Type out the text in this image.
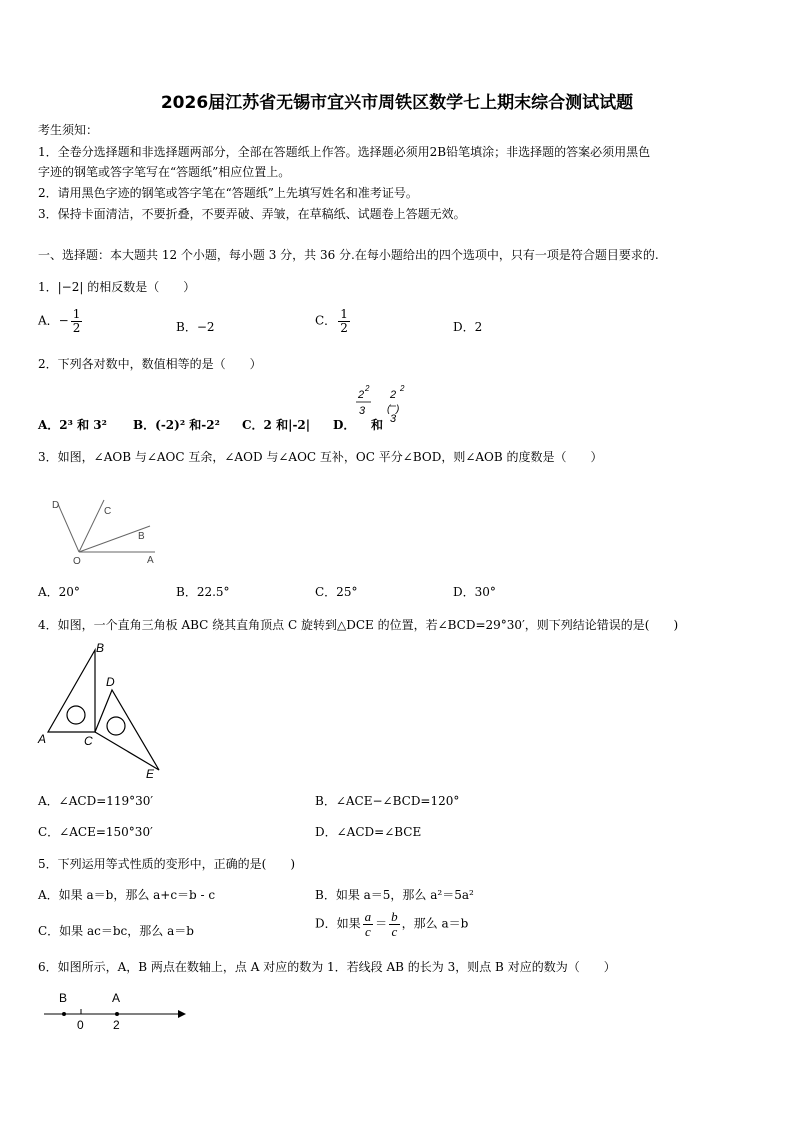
2026届江苏省无锡市宜兴市周铁区数学七上期末综合测试试题
考生须知：
1．全卷分选择题和非选择题两部分，全部在答题纸上作答。选择题必须用2B铅笔填涂；非选择题的答案必须用黑色
字迹的钢笔或答字笔写在“答题纸”相应位置上。
2．请用黑色字迹的钢笔或答字笔在“答题纸”上先填写姓名和准考证号。
3．保持卡面清洁，不要折叠，不要弄破、弄皱，在草稿纸、试题卷上答题无效。
一、选择题：本大题共 12 个小题，每小题 3 分，共 36 分.在每小题给出的四个选项中，只有一项是符合题目要求的.
1．|−2| 的相反数是（　　）
A．− $\frac{1}{2}$	B．−2	C． $\frac{1}{2}$	D．2
2．下列各对数中，数值相等的是（　　）
A．2³ 和 3² B．(-2)² 和-2² C．2 和|-2| D．
2
2
3
2
2
( )
3
和
3．如图，∠AOB 与∠AOC 互余，∠AOD 与∠AOC 互补，OC 平分∠BOD，则∠AOB 的度数是（　　）
D
C
B
O	A
A．20°	B．22.5°	C．25°	D．30°
4．如图，一个直角三角板 ABC 绕其直角顶点 C 旋转到△DCE 的位置，若∠BCD=29°30′，则下列结论错误的是(　　)
B
D
A	C
E
A．∠ACD=119°30′	B．∠ACE−∠BCD=120°
C．∠ACE=150°30′	D．∠ACD=∠BCE
5．下列运用等式性质的变形中，正确的是(　　)
A．如果 a＝b，那么 a+c＝b - c	B．如果 a＝5，那么 a²＝5a²
C．如果 ac＝bc，那么 a＝b
D．如果 $\frac{a}{c} = \frac{b}{c}$ ，那么 a＝b
6．如图所示，A，B 两点在数轴上，点 A 对应的数为 1．若线段 AB 的长为 3，则点 B 对应的数为（　　）
B	A
0 2
